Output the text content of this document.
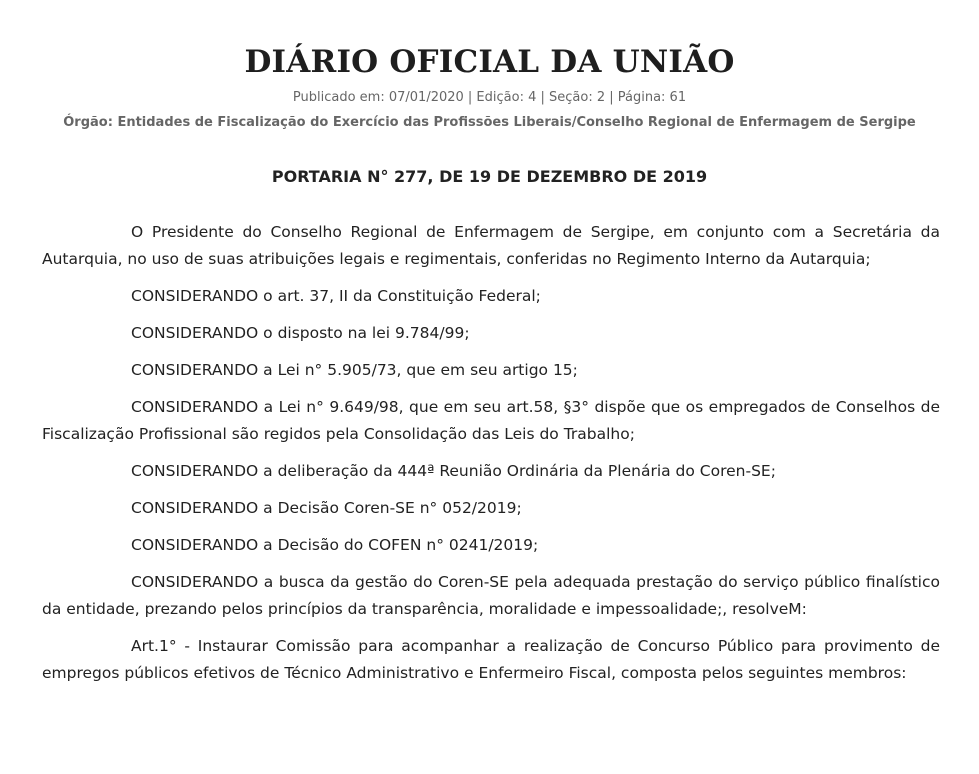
DIÁRIO OFICIAL DA UNIÃO
Publicado em: 07/01/2020 | Edição: 4 | Seção: 2 | Página: 61
Órgão: Entidades de Fiscalização do Exercício das Profissões Liberais/Conselho Regional de Enfermagem de Sergipe
PORTARIA N° 277, DE 19 DE DEZEMBRO DE 2019

O Presidente do Conselho Regional de Enfermagem de Sergipe, em conjunto com a Secretária da Autarquia, no uso de suas atribuições legais e regimentais, conferidas no Regimento Interno da Autarquia;

CONSIDERANDO o art. 37, II da Constituição Federal;

CONSIDERANDO o disposto na lei 9.784/99;

CONSIDERANDO a Lei n° 5.905/73, que em seu artigo 15;

CONSIDERANDO a Lei n° 9.649/98, que em seu art.58, §3° dispõe que os empregados de Conselhos de Fiscalização Profissional são regidos pela Consolidação das Leis do Trabalho;

CONSIDERANDO a deliberação da 444ª Reunião Ordinária da Plenária do Coren-SE;

CONSIDERANDO a Decisão Coren-SE n° 052/2019;

CONSIDERANDO a Decisão do COFEN n° 0241/2019;

CONSIDERANDO a busca da gestão do Coren-SE pela adequada prestação do serviço público finalístico da entidade, prezando pelos princípios da transparência, moralidade e impessoalidade;, resolveM:

Art.1° - Instaurar Comissão para acompanhar a realização de Concurso Público para provimento de empregos públicos efetivos de Técnico Administrativo e Enfermeiro Fiscal, composta pelos seguintes membros:
